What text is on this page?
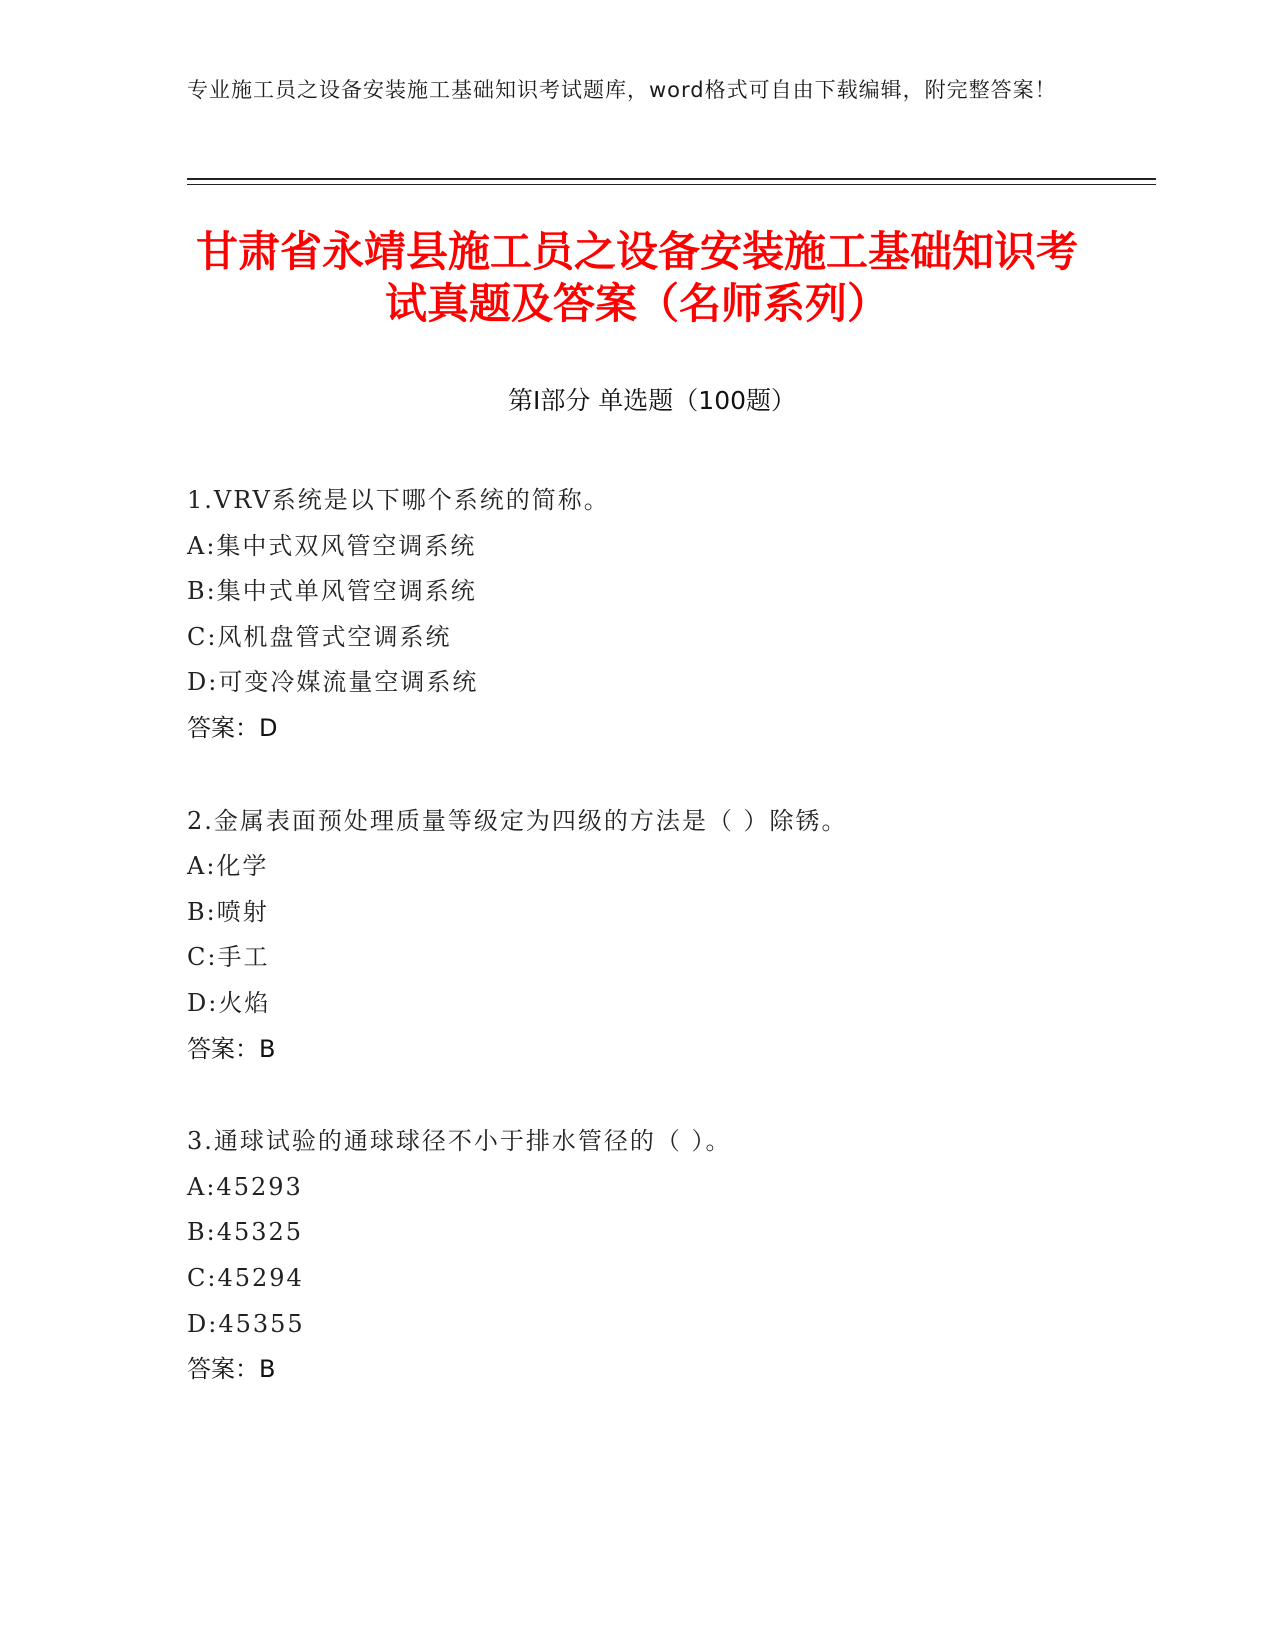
专业施工员之设备安装施工基础知识考试题库，word格式可自由下载编辑，附完整答案！
甘肃省永靖县施工员之设备安装施工基础知识考试真题及答案（名师系列）
第Ⅰ部分 单选题（100题）
1.VRV系统是以下哪个系统的简称。
A:集中式双风管空调系统
B:集中式单风管空调系统
C:风机盘管式空调系统
D:可变冷媒流量空调系统
答案：D
2.金属表面预处理质量等级定为四级的方法是（ ）除锈。
A:化学
B:喷射
C:手工
D:火焰
答案：B
3.通球试验的通球球径不小于排水管径的（ ）。
A:45293
B:45325
C:45294
D:45355
答案：B
